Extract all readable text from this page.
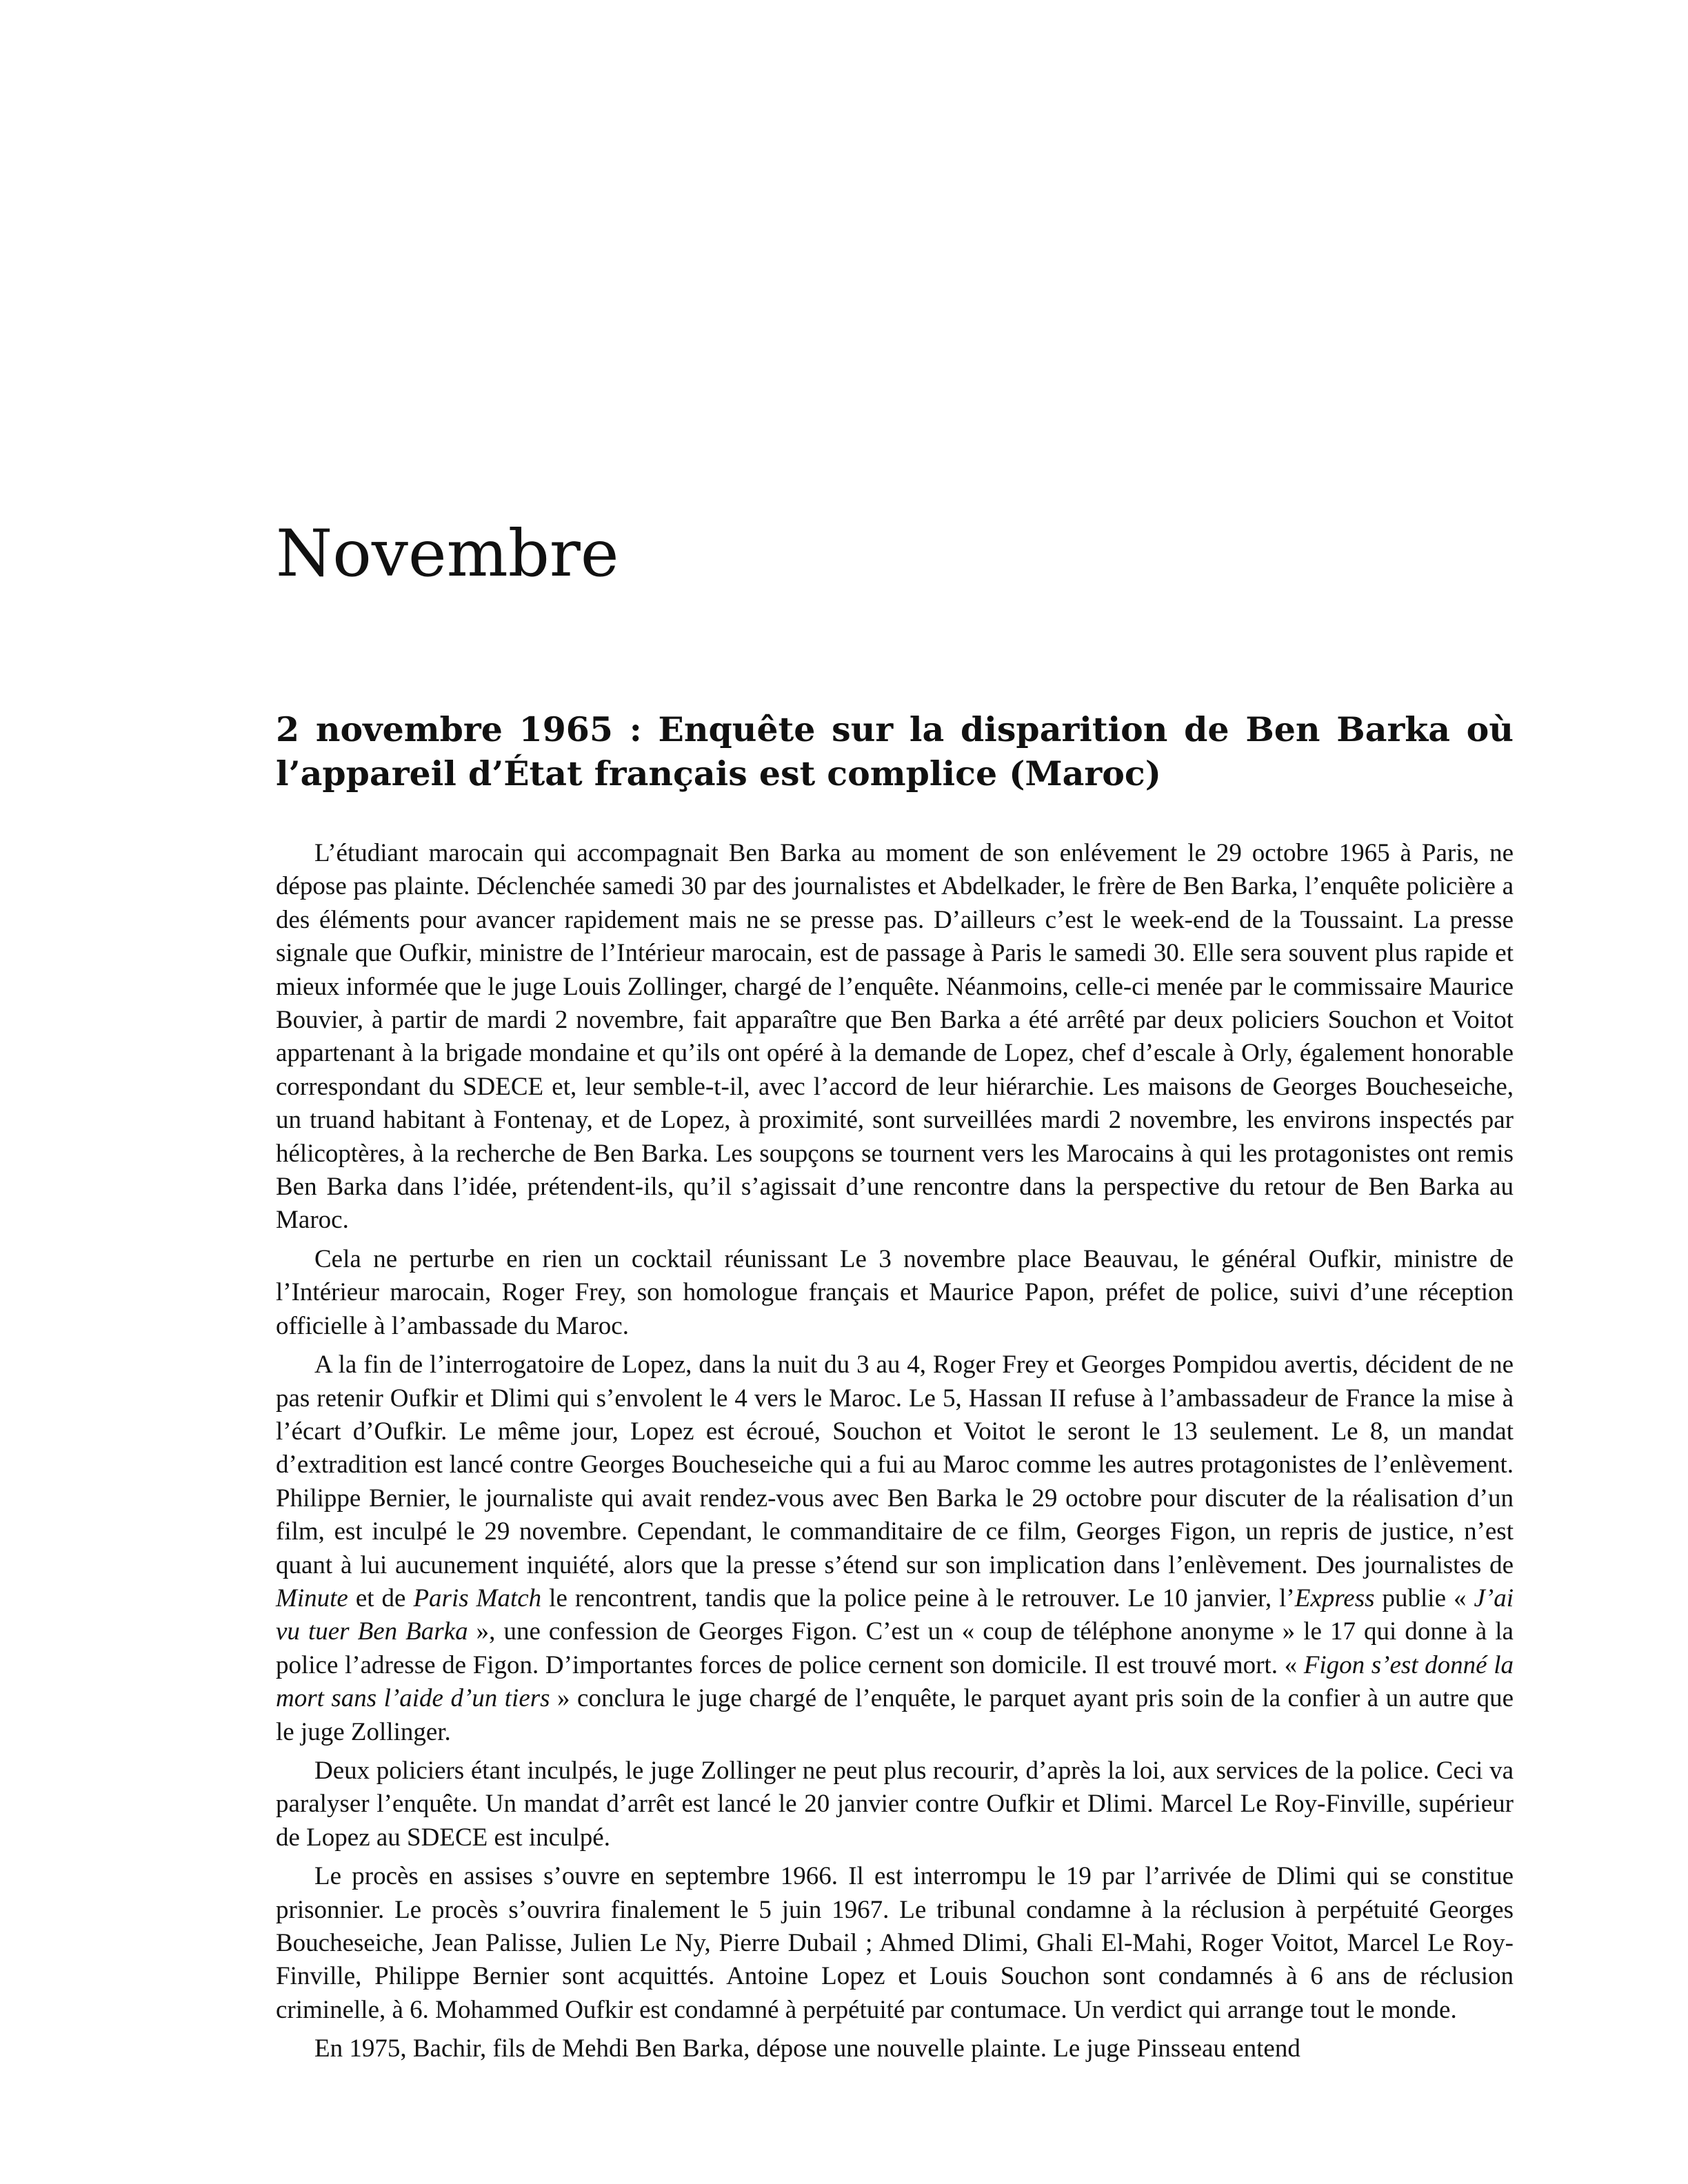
Novembre
2 novembre 1965 : Enquête sur la disparition de Ben Barka où l’appareil d’État français est complice (Maroc)

L’étudiant marocain qui accompagnait Ben Barka au moment de son enlévement le 29 octobre 1965 à Paris, ne dépose pas plainte. Déclenchée samedi 30 par des journalistes et Abdelkader, le frère de Ben Barka, l’enquête policière a des éléments pour avancer rapidement mais ne se presse pas. D’ailleurs c’est le week-end de la Toussaint. La presse signale que Oufkir, ministre de l’Intérieur marocain, est de passage à Paris le samedi 30. Elle sera souvent plus rapide et mieux informée que le juge Louis Zollinger, chargé de l’enquête. Néanmoins, celle-ci menée par le commissaire Maurice Bouvier, à partir de mardi 2 novembre, fait apparaître que Ben Barka a été arrêté par deux policiers Souchon et Voitot appartenant à la brigade mondaine et qu’ils ont opéré à la demande de Lopez, chef d’escale à Orly, également honorable correspondant du SDECE et, leur semble-t-il, avec l’accord de leur hiérarchie. Les maisons de Georges Boucheseiche, un truand habitant à Fontenay, et de Lopez, à proximité, sont surveillées mardi 2 novembre, les environs inspectés par hélicoptères, à la recherche de Ben Barka. Les soupçons se tournent vers les Marocains à qui les protagonistes ont remis Ben Barka dans l’idée, prétendent-ils, qu’il s’agissait d’une rencontre dans la perspective du retour de Ben Barka au Maroc.

Cela ne perturbe en rien un cocktail réunissant Le 3 novembre place Beauvau, le général Oufkir, ministre de l’Intérieur marocain, Roger Frey, son homologue français et Maurice Papon, préfet de police, suivi d’une réception officielle à l’ambassade du Maroc.

A la fin de l’interrogatoire de Lopez, dans la nuit du 3 au 4, Roger Frey et Georges Pompidou avertis, décident de ne pas retenir Oufkir et Dlimi qui s’envolent le 4 vers le Maroc. Le 5, Hassan II refuse à l’ambassadeur de France la mise à l’écart d’Oufkir. Le même jour, Lopez est écroué, Souchon et Voitot le seront le 13 seulement. Le 8, un mandat d’extradition est lancé contre Georges Boucheseiche qui a fui au Maroc comme les autres protagonistes de l’enlèvement. Philippe Bernier, le journaliste qui avait rendez-vous avec Ben Barka le 29 octobre pour discuter de la réalisation d’un film, est inculpé le 29 novembre. Cependant, le commanditaire de ce film, Georges Figon, un repris de justice, n’est quant à lui aucunement inquiété, alors que la presse s’étend sur son implication dans l’enlèvement. Des journalistes de Minute et de Paris Match le rencontrent, tandis que la police peine à le retrouver. Le 10 janvier, l’Express publie « J’ai vu tuer Ben Barka », une confession de Georges Figon. C’est un « coup de téléphone anonyme » le 17 qui donne à la police l’adresse de Figon. D’importantes forces de police cernent son domicile. Il est trouvé mort. « Figon s’est donné la mort sans l’aide d’un tiers » conclura le juge chargé de l’enquête, le parquet ayant pris soin de la confier à un autre que le juge Zollinger.

Deux policiers étant inculpés, le juge Zollinger ne peut plus recourir, d’après la loi, aux services de la police. Ceci va paralyser l’enquête. Un mandat d’arrêt est lancé le 20 janvier contre Oufkir et Dlimi. Marcel Le Roy-Finville, supérieur de Lopez au SDECE est inculpé.

Le procès en assises s’ouvre en septembre 1966. Il est interrompu le 19 par l’arrivée de Dlimi qui se constitue prisonnier. Le procès s’ouvrira finalement le 5 juin 1967. Le tribunal condamne à la réclusion à perpétuité Georges Boucheseiche, Jean Palisse, Julien Le Ny, Pierre Dubail ; Ahmed Dlimi, Ghali El-Mahi, Roger Voitot, Marcel Le Roy-Finville, Philippe Bernier sont acquittés. Antoine Lopez et Louis Souchon sont condamnés à 6 ans de réclusion criminelle, à 6. Mohammed Oufkir est condamné à perpétuité par contumace. Un verdict qui arrange tout le monde.

En 1975, Bachir, fils de Mehdi Ben Barka, dépose une nouvelle plainte. Le juge Pinsseau entend
